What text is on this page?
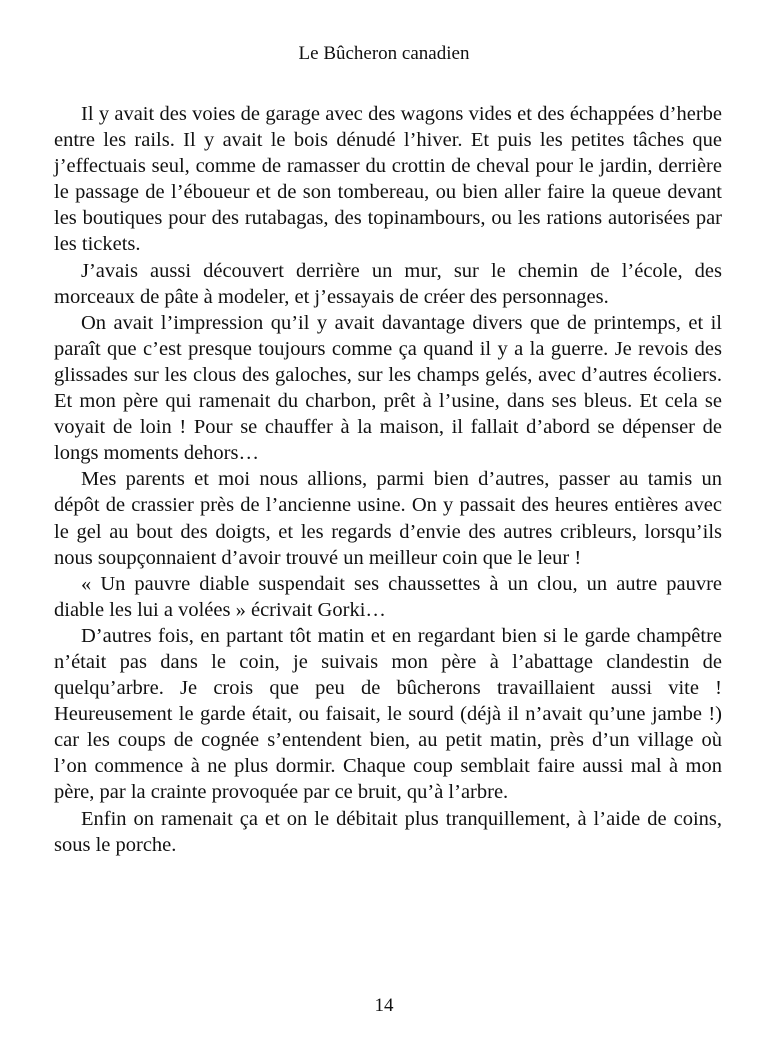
Le Bûcheron canadien

Il y avait des voies de garage avec des wagons vides et des échappées d’herbe entre les rails. Il y avait le bois dénudé l’hiver. Et puis les petites tâches que j’effectuais seul, comme de ramasser du crottin de cheval pour le jardin, derrière le passage de l’éboueur et de son tombereau, ou bien aller faire la queue devant les boutiques pour des rutabagas, des topinambours, ou les rations autorisées par les tickets.

J’avais aussi découvert derrière un mur, sur le chemin de l’école, des morceaux de pâte à modeler, et j’essayais de créer des personnages.

On avait l’impression qu’il y avait davantage divers que de printemps, et il paraît que c’est presque toujours comme ça quand il y a la guerre. Je revois des glissades sur les clous des galoches, sur les champs gelés, avec d’autres écoliers. Et mon père qui ramenait du charbon, prêt à l’usine, dans ses bleus. Et cela se voyait de loin ! Pour se chauffer à la maison, il fallait d’abord se dépenser de longs moments dehors…

Mes parents et moi nous allions, parmi bien d’autres, passer au tamis un dépôt de crassier près de l’ancienne usine. On y passait des heures entières avec le gel au bout des doigts, et les regards d’envie des autres cribleurs, lorsqu’ils nous soupçonnaient d’avoir trouvé un meilleur coin que le leur !

« Un pauvre diable suspendait ses chaussettes à un clou, un autre pauvre diable les lui a volées » écrivait Gorki…

D’autres fois, en partant tôt matin et en regardant bien si le garde champêtre n’était pas dans le coin, je suivais mon père à l’abattage clandestin de quelqu’arbre. Je crois que peu de bûcherons travaillaient aussi vite ! Heureusement le garde était, ou faisait, le sourd (déjà il n’avait qu’une jambe !) car les coups de cognée s’entendent bien, au petit matin, près d’un village où l’on commence à ne plus dormir. Chaque coup semblait faire aussi mal à mon père, par la crainte provoquée par ce bruit, qu’à l’arbre.

Enfin on ramenait ça et on le débitait plus tranquillement, à l’aide de coins, sous le porche.

14
